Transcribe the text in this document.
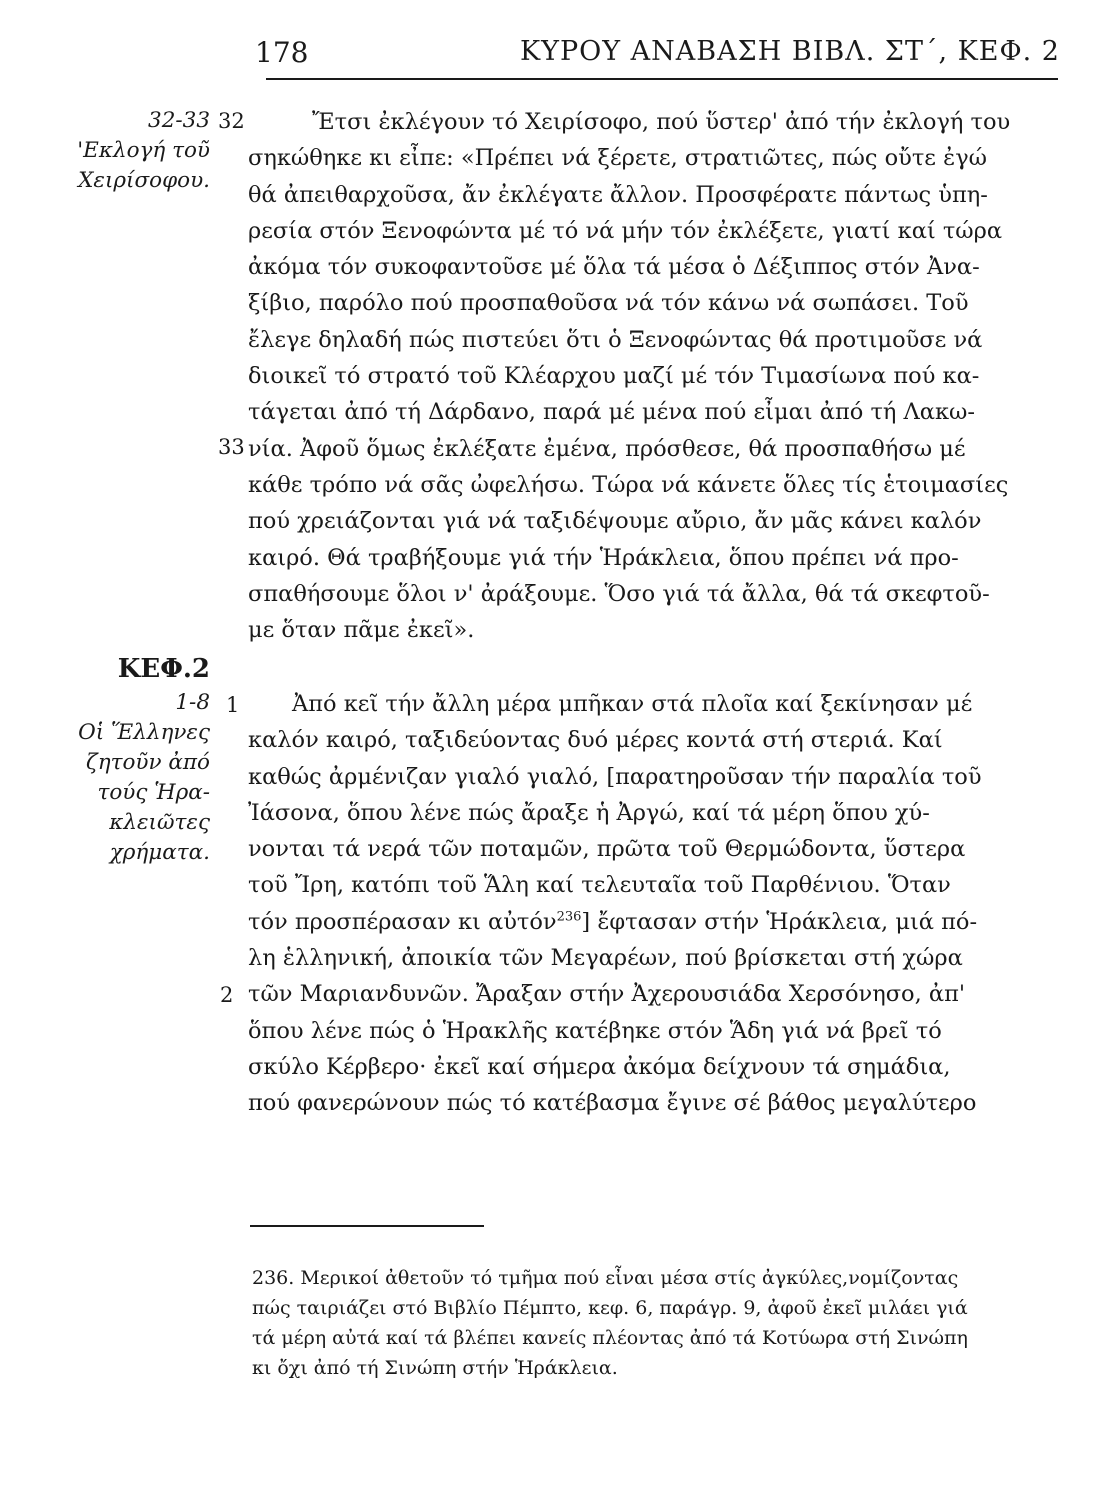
178	ΚΥΡΟΥ ΑΝΑΒΑΣΗ ΒΙΒΛ. ΣΤ΄, ΚΕΦ. 2
32-33
'Εκλογή τοῦ
Χειρίσοφου.
ΚΕΦ.2
1-8
Οἱ Ἕλληνες
ζητοῦν ἀπό
τούς Ἡρα-
κλειῶτες
χρήματα.
32
33
1
2
Ἔτσι ἐκλέγουν τό Χειρίσοφο, πού ὕστερ' ἀπό τήν ἐκλογή του
σηκώθηκε κι εἶπε: «Πρέπει νά ξέρετε, στρατιῶτες, πώς οὔτε ἐγώ
θά ἀπειθαρχοῦσα, ἄν ἐκλέγατε ἄλλον. Προσφέρατε πάντως ὑπη-
ρεσία στόν Ξενοφώντα μέ τό νά μήν τόν ἐκλέξετε, γιατί καί τώρα
ἀκόμα τόν συκοφαντοῦσε μέ ὅλα τά μέσα ὁ Δέξιππος στόν Ἀνα-
ξίβιο, παρόλο πού προσπαθοῦσα νά τόν κάνω νά σωπάσει. Τοῦ
ἔλεγε δηλαδή πώς πιστεύει ὅτι ὁ Ξενοφώντας θά προτιμοῦσε νά
διοικεῖ τό στρατό τοῦ Κλέαρχου μαζί μέ τόν Τιμασίωνα πού κα-
τάγεται ἀπό τή Δάρδανο, παρά μέ μένα πού εἶμαι ἀπό τή Λακω-
νία. Ἀφοῦ ὅμως ἐκλέξατε ἐμένα, πρόσθεσε, θά προσπαθήσω μέ
κάθε τρόπο νά σᾶς ὠφελήσω. Τώρα νά κάνετε ὅλες τίς ἑτοιμασίες
πού χρειάζονται γιά νά ταξιδέψουμε αὔριο, ἄν μᾶς κάνει καλόν
καιρό. Θά τραβήξουμε γιά τήν Ἡράκλεια, ὅπου πρέπει νά προ-
σπαθήσουμε ὅλοι ν' ἀράξουμε. Ὅσο γιά τά ἄλλα, θά τά σκεφτοῦ-
με ὅταν πᾶμε ἐκεῖ».
Ἀπό κεῖ τήν ἄλλη μέρα μπῆκαν στά πλοῖα καί ξεκίνησαν μέ
καλόν καιρό, ταξιδεύοντας δυό μέρες κοντά στή στεριά. Καί
καθώς ἀρμένιζαν γιαλό γιαλό, [παρατηροῦσαν τήν παραλία τοῦ
Ἰάσονα, ὅπου λένε πώς ἄραξε ἡ Ἀργώ, καί τά μέρη ὅπου χύ-
νονται τά νερά τῶν ποταμῶν, πρῶτα τοῦ Θερμώδοντα, ὕστερα
τοῦ Ἴρη, κατόπι τοῦ Ἅλη καί τελευταῖα τοῦ Παρθένιου. Ὅταν
τόν προσπέρασαν κι αὐτόν$^{236}$] ἔφτασαν στήν Ἡράκλεια, μιά πό-
λη ἑλληνική, ἀποικία τῶν Μεγαρέων, πού βρίσκεται στή χώρα
τῶν Μαριανδυνῶν. Ἄραξαν στήν Ἀχερουσιάδα Χερσόνησο, ἀπ'
ὅπου λένε πώς ὁ Ἡρακλῆς κατέβηκε στόν Ἅδη γιά νά βρεῖ τό
σκύλο Κέρβερο· ἐκεῖ καί σήμερα ἀκόμα δείχνουν τά σημάδια,
πού φανερώνουν πώς τό κατέβασμα ἔγινε σέ βάθος μεγαλύτερο
236. Μερικοί ἀθετοῦν τό τμῆμα πού εἶναι μέσα στίς ἀγκύλες,νομίζοντας
πώς ταιριάζει στό Βιβλίο Πέμπτο, κεφ. 6, παράγρ. 9, ἀφοῦ ἐκεῖ μιλάει γιά
τά μέρη αὐτά καί τά βλέπει κανείς πλέοντας ἀπό τά Κοτύωρα στή Σινώπη
κι ὄχι ἀπό τή Σινώπη στήν Ἡράκλεια.
